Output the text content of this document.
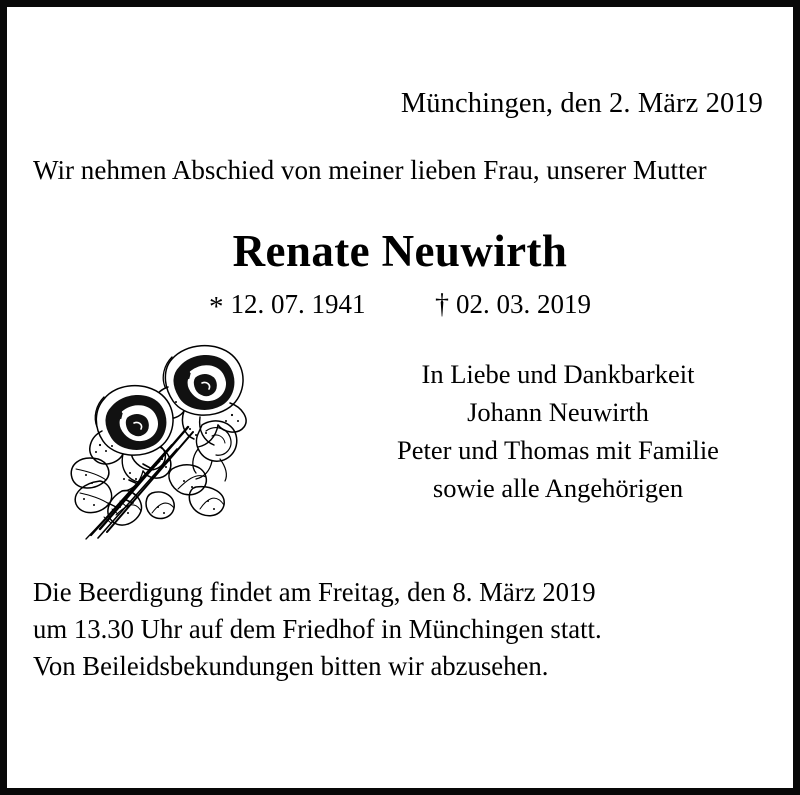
Münchingen, den 2. März 2019
Wir nehmen Abschied von meiner lieben Frau, unserer Mutter
Renate Neuwirth
* 12. 07. 1941 † 02. 03. 2019
In Liebe und Dankbarkeit
Johann Neuwirth
Peter und Thomas mit Familie
sowie alle Angehörigen
Die Beerdigung findet am Freitag, den 8. März 2019
um 13.30 Uhr auf dem Friedhof in Münchingen statt.
Von Beileidsbekundungen bitten wir abzusehen.
